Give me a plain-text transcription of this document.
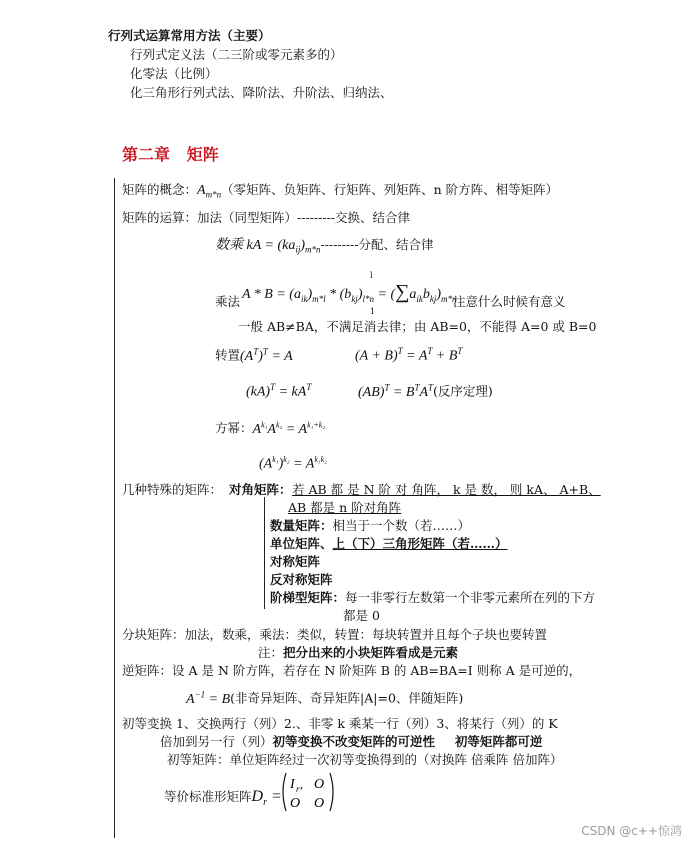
行列式运算常用方法（主要）
行列式定义法（二三阶或零元素多的）
化零法（比例）
化三角形行列式法、降阶法、升阶法、归纳法、
第二章 矩阵
矩阵的概念：$A_{m*n}$（零矩阵、负矩阵、行矩阵、列矩阵、n 阶方阵、相等矩阵）
矩阵的运算：加法（同型矩阵）---------交换、结合律
数乘 kA = $(ka_{ij})_{m*n}---------$分配、结合律
$A * B = (a_{ik})_{m*l} * (b_{kj})_{l*n} = (\sum a_{ik}b_{kj})_{m*n}$
l
1
乘法	注意什么时候有意义
一般 AB≠BA，不满足消去律；由 AB=0，不能得 A=0 或 B=0
转置$(A^T)^T = A$	$(A + B)^T = A^T + B^T$
$(kA)^T = kA^T$	$(AB)^T = B^TA^T$(反序定理)
方幂：$A^{k_1}A^{k_2} = A^{k_1+k_2}$
$(A^{k_1})^{k_2} = A^{k_1k_2}$
几种特殊的矩阵： 对角矩阵： 若 AB 都 是 N 阶 对 角阵， k 是 数， 则 kA、 A+B、
AB 都是 n 阶对角阵
数量矩阵：相当于一个数（若……）
单位矩阵、上（下）三角形矩阵（若……）
对称矩阵
反对称矩阵
阶梯型矩阵：每一非零行左数第一个非零元素所在列的下方
都是 0
分块矩阵：加法，数乘，乘法：类似，转置：每块转置并且每个子块也要转置
注：把分出来的小块矩阵看成是元素
逆矩阵：设 A 是 N 阶方阵，若存在 N 阶矩阵 B 的 AB=BA=I 则称 A 是可逆的，
$A^{-1} = B$(非奇异矩阵、奇异矩阵|A|=0、伴随矩阵)
初等变换 1、交换两行（列）2.、非零 k 乘某一行（列）3、将某行（列）的 K
倍加到另一行（列）初等变换不改变矩阵的可逆性 初等矩阵都可逆
初等矩阵：单位矩阵经过一次初等变换得到的（对换阵 倍乘阵 倍加阵）
等价标准形矩阵$D_r$ =
I r O
O O
,
CSDN @c++惊鸿
